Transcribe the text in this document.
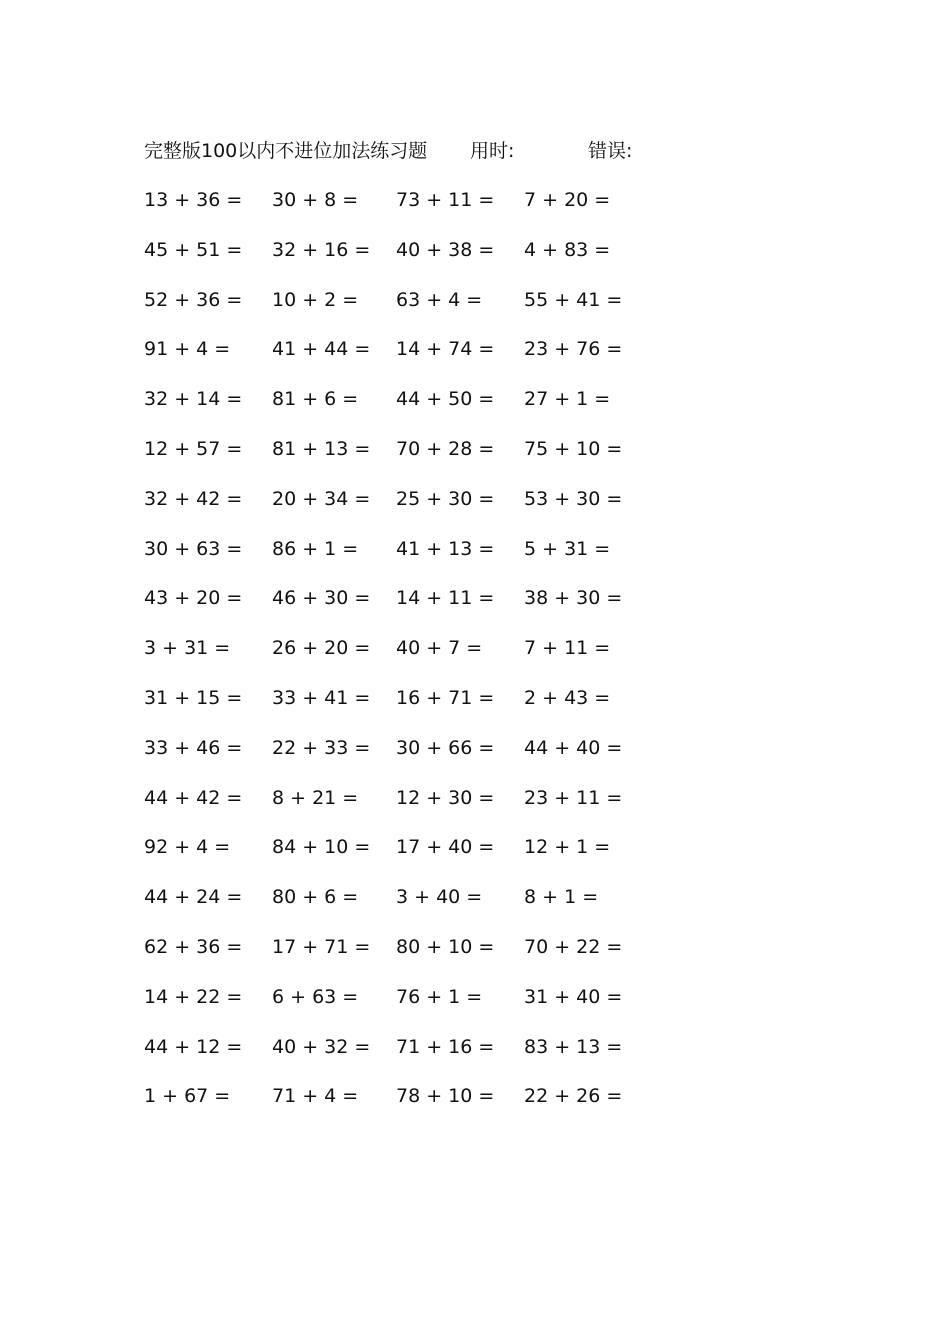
完整版100以内不进位加法练习题 用时:	错误:
13 + 36 = 30 + 8 = 73 + 11 = 7 + 20 =
45 + 51 = 32 + 16 = 40 + 38 = 4 + 83 =
52 + 36 = 10 + 2 = 63 + 4 = 55 + 41 =
91 + 4 = 41 + 44 = 14 + 74 = 23 + 76 =
32 + 14 = 81 + 6 = 44 + 50 = 27 + 1 =
12 + 57 = 81 + 13 = 70 + 28 = 75 + 10 =
32 + 42 = 20 + 34 = 25 + 30 = 53 + 30 =
30 + 63 = 86 + 1 = 41 + 13 = 5 + 31 =
43 + 20 = 46 + 30 = 14 + 11 = 38 + 30 =
3 + 31 = 26 + 20 = 40 + 7 = 7 + 11 =
31 + 15 = 33 + 41 = 16 + 71 = 2 + 43 =
33 + 46 = 22 + 33 = 30 + 66 = 44 + 40 =
44 + 42 = 8 + 21 = 12 + 30 = 23 + 11 =
92 + 4 = 84 + 10 = 17 + 40 = 12 + 1 =
44 + 24 = 80 + 6 = 3 + 40 = 8 + 1 =
62 + 36 = 17 + 71 = 80 + 10 = 70 + 22 =
14 + 22 = 6 + 63 = 76 + 1 = 31 + 40 =
44 + 12 = 40 + 32 = 71 + 16 = 83 + 13 =
1 + 67 = 71 + 4 = 78 + 10 = 22 + 26 =
